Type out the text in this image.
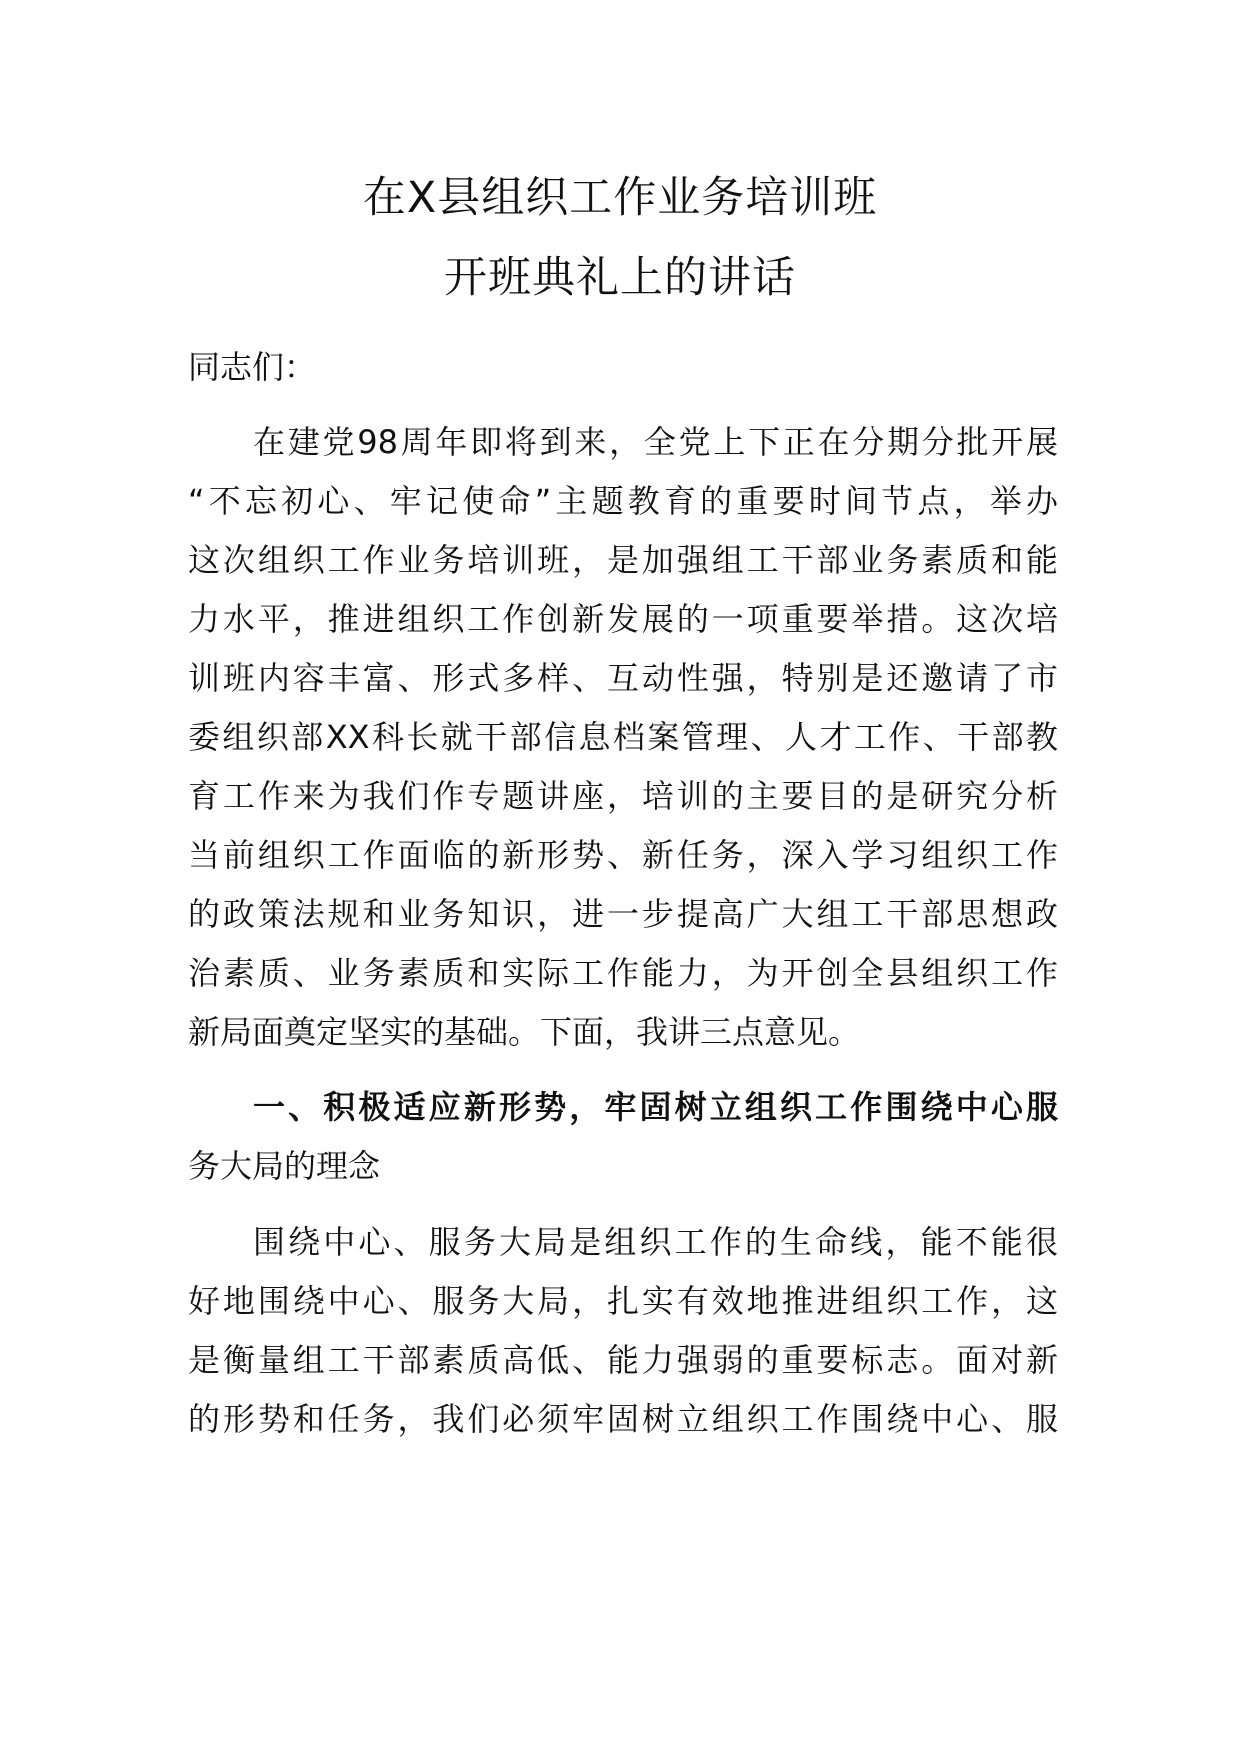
在X县组织工作业务培训班
开班典礼上的讲话
同志们：
在建党98周年即将到来，全党上下正在分期分批开展
“不忘初心、牢记使命”主题教育的重要时间节点，举办
这次组织工作业务培训班，是加强组工干部业务素质和能
力水平，推进组织工作创新发展的一项重要举措。这次培
训班内容丰富、形式多样、互动性强，特别是还邀请了市
委组织部XX科长就干部信息档案管理、人才工作、干部教
育工作来为我们作专题讲座，培训的主要目的是研究分析
当前组织工作面临的新形势、新任务，深入学习组织工作
的政策法规和业务知识，进一步提高广大组工干部思想政
治素质、业务素质和实际工作能力，为开创全县组织工作
新局面奠定坚实的基础。下面，我讲三点意见。
一、积极适应新形势，牢固树立组织工作围绕中心服
务大局的理念
围绕中心、服务大局是组织工作的生命线，能不能很
好地围绕中心、服务大局，扎实有效地推进组织工作，这
是衡量组工干部素质高低、能力强弱的重要标志。面对新
的形势和任务，我们必须牢固树立组织工作围绕中心、服
